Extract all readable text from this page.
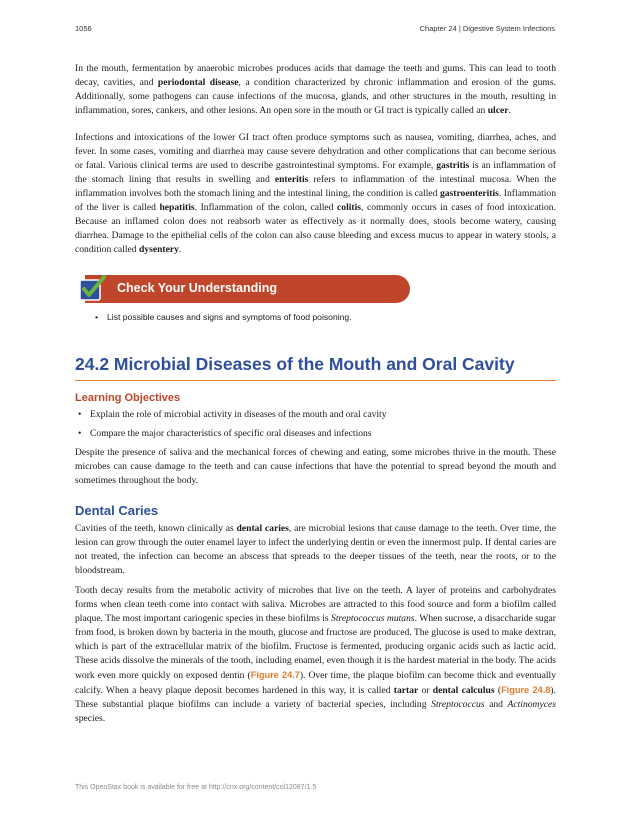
1056	Chapter 24 | Digestive System Infections

In the mouth, fermentation by anaerobic microbes produces acids that damage the teeth and gums. This can lead to tooth decay, cavities, and periodontal disease, a condition characterized by chronic inflammation and erosion of the gums. Additionally, some pathogens can cause infections of the mucosa, glands, and other structures in the mouth, resulting in inflammation, sores, cankers, and other lesions. An open sore in the mouth or GI tract is typically called an ulcer.

Infections and intoxications of the lower GI tract often produce symptoms such as nausea, vomiting, diarrhea, aches, and fever. In some cases, vomiting and diarrhea may cause severe dehydration and other complications that can become serious or fatal. Various clinical terms are used to describe gastrointestinal symptoms. For example, gastritis is an inflammation of the stomach lining that results in swelling and enteritis refers to inflammation of the intestinal mucosa. When the inflammation involves both the stomach lining and the intestinal lining, the condition is called gastroenteritis. Inflammation of the liver is called hepatitis. Inflammation of the colon, called colitis, commonly occurs in cases of food intoxication. Because an inflamed colon does not reabsorb water as effectively as it normally does, stools become watery, causing diarrhea. Damage to the epithelial cells of the colon can also cause bleeding and excess mucus to appear in watery stools, a condition called dysentery.

Check Your Understanding
• List possible causes and signs and symptoms of food poisoning.
24.2 Microbial Diseases of the Mouth and Oral Cavity
Learning Objectives
• Explain the role of microbial activity in diseases of the mouth and oral cavity
• Compare the major characteristics of specific oral diseases and infections

Despite the presence of saliva and the mechanical forces of chewing and eating, some microbes thrive in the mouth. These microbes can cause damage to the teeth and can cause infections that have the potential to spread beyond the mouth and sometimes throughout the body.

Dental Caries

Cavities of the teeth, known clinically as dental caries, are microbial lesions that cause damage to the teeth. Over time, the lesion can grow through the outer enamel layer to infect the underlying dentin or even the innermost pulp. If dental caries are not treated, the infection can become an abscess that spreads to the deeper tissues of the teeth, near the roots, or to the bloodstream.

Tooth decay results from the metabolic activity of microbes that live on the teeth. A layer of proteins and carbohydrates forms when clean teeth come into contact with saliva. Microbes are attracted to this food source and form a biofilm called plaque. The most important cariogenic species in these biofilms is Streptococcus mutans. When sucrose, a disaccharide sugar from food, is broken down by bacteria in the mouth, glucose and fructose are produced. The glucose is used to make dextran, which is part of the extracellular matrix of the biofilm. Fructose is fermented, producing organic acids such as lactic acid. These acids dissolve the minerals of the tooth, including enamel, even though it is the hardest material in the body. The acids work even more quickly on exposed dentin (Figure 24.7). Over time, the plaque biofilm can become thick and eventually calcify. When a heavy plaque deposit becomes hardened in this way, it is called tartar or dental calculus (Figure 24.8). These substantial plaque biofilms can include a variety of bacterial species, including Streptococcus and Actinomyces species.

This OpenStax book is available for free at http://cnx.org/content/col12087/1.5
